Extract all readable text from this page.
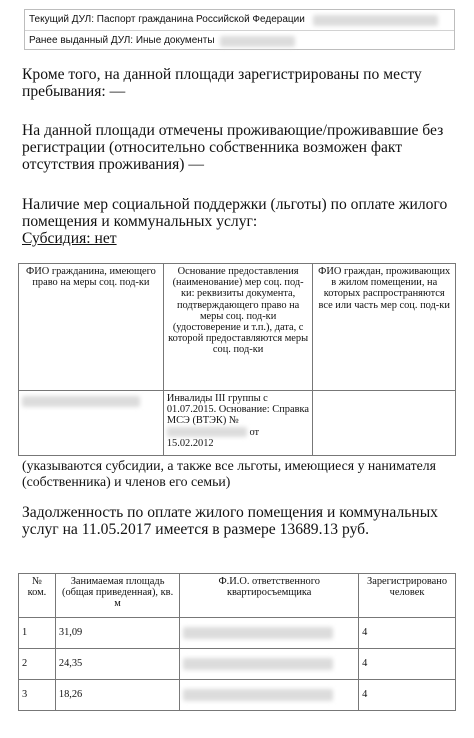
Текущий ДУЛ: Паспорт гражданина Российской Федерации
Ранее выданный ДУЛ: Иные документы
Кроме того, на данной площади зарегистрированы по месту пребывания: —
На данной площади отмечены проживающие/проживавшие без регистрации (относительно собственника возможен факт отсутствия проживания) —
Наличие мер социальной поддержки (льготы) по оплате жилого помещения и коммунальных услуг:
Субсидия: нет
ФИО гражданина, имеющего право на меры соц. под-ки	Основание предоставления (наименование) мер соц. под-ки: реквизиты документа, подтверждающего право на меры соц. под-ки (удостоверение и т.п.), дата, с которой предоставляются меры соц. под-ки	ФИО граждан, проживающих в жилом помещении, на которых распространяются все или часть мер соц. под-ки
	Инвалиды III группы с 01.07.2015. Основание: Справка МСЭ (ВТЭК) №
от
15.02.2012	
(указываются субсидии, а также все льготы, имеющиеся у нанимателя (собственника) и членов его семьи)
Задолженность по оплате жилого помещения и коммунальных услуг на 11.05.2017 имеется в размере 13689.13 руб.
№ ком.	Занимаемая площадь (общая приведенная), кв. м	Ф.И.О. ответственного квартиросъемщика	Зарегистрировано человек
1	31,09		4
2	24,35		4
3	18,26		4
